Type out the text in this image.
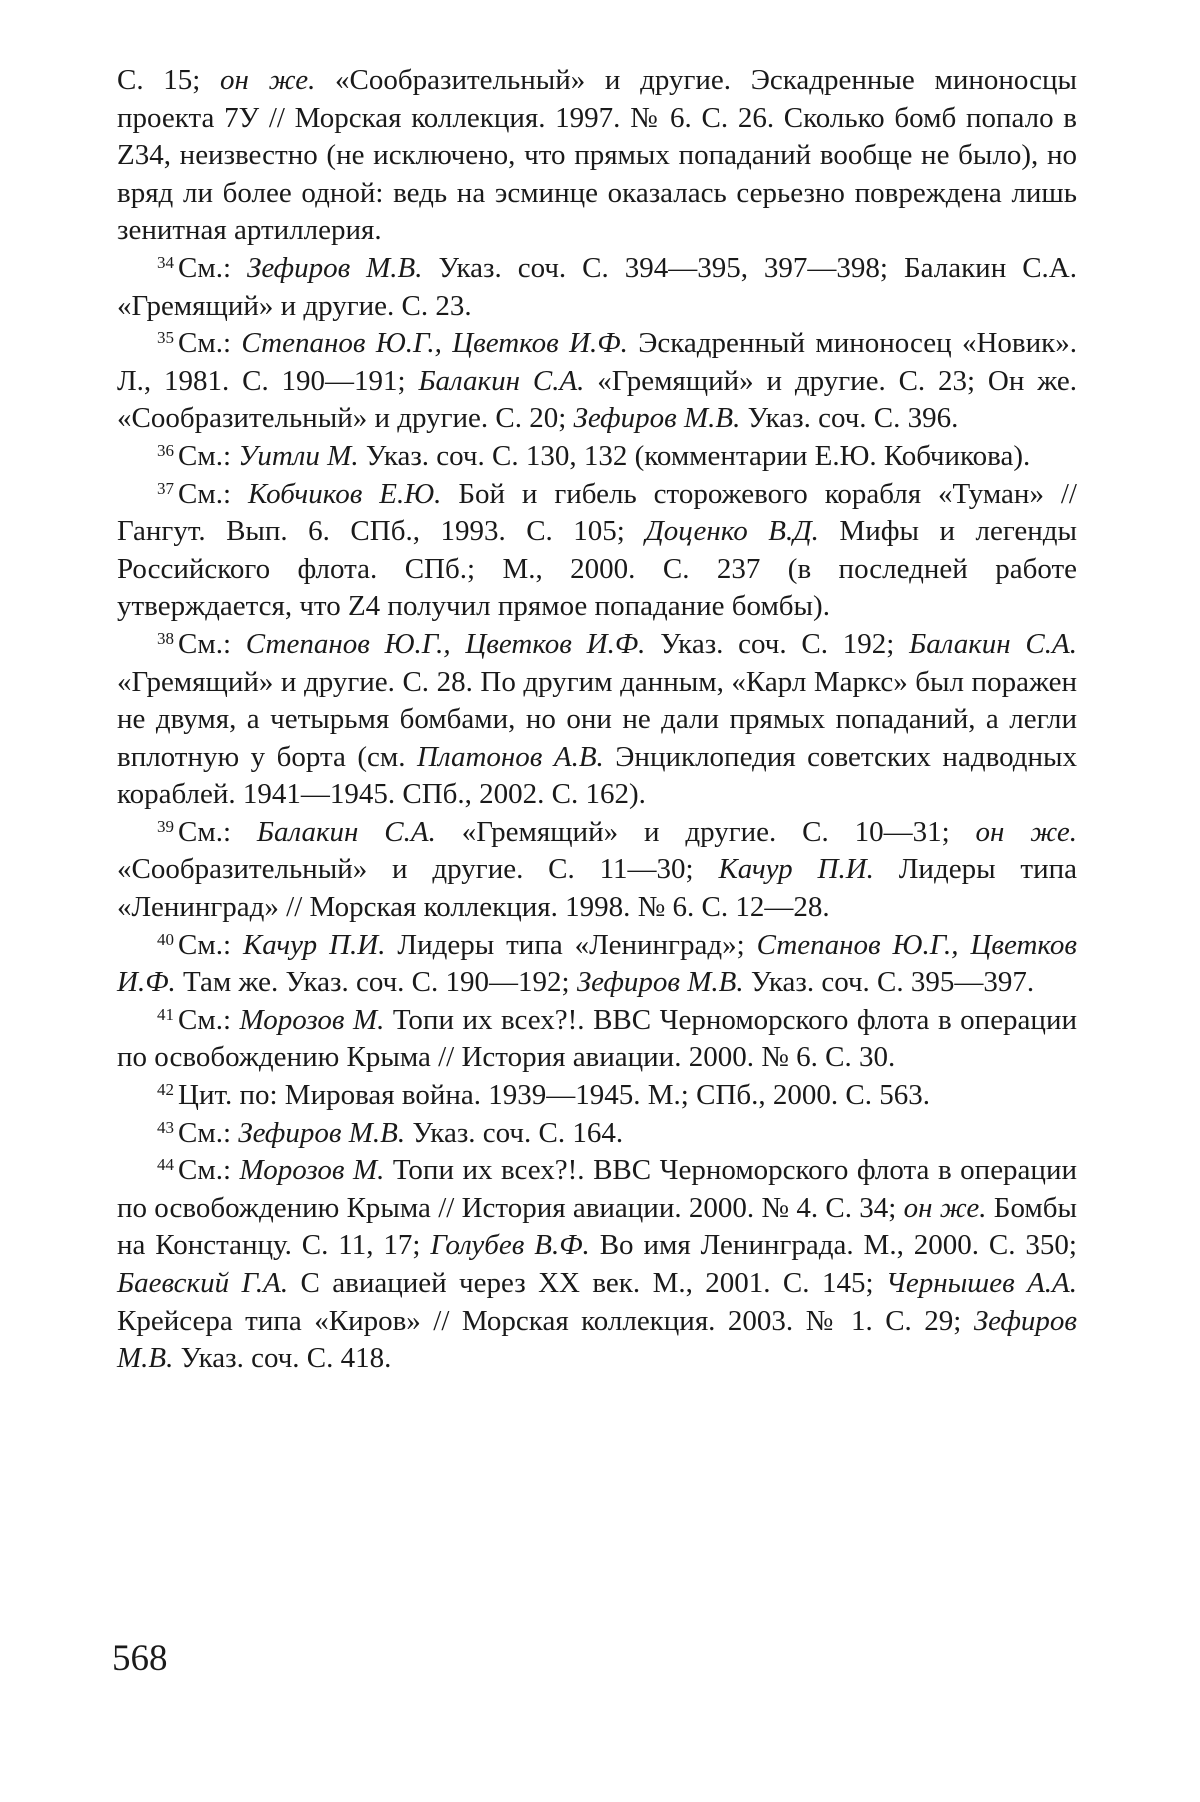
С. 15; он же. «Сообразительный» и другие. Эскадренные миноносцы проекта 7У // Морская коллекция. 1997. № 6. С. 26. Сколько бомб попало в Z34, неизвестно (не исключено, что прямых попаданий вообще не было), но вряд ли более одной: ведь на эсминце оказалась серьезно повреждена лишь зенитная артиллерия.

$^{34}$ См.: Зефиров М.В. Указ. соч. С. 394—395, 397—398; Балакин С.А. «Гремящий» и другие. С. 23.

$^{35}$ См.: Степанов Ю.Г., Цветков И.Ф. Эскадренный миноносец «Новик». Л., 1981. С. 190—191; Балакин С.А. «Гремящий» и другие. С. 23; Он же. «Сообразительный» и другие. С. 20; Зефиров М.В. Указ. соч. С. 396.

$^{36}$ См.: Уитли М. Указ. соч. С. 130, 132 (комментарии Е.Ю. Кобчикова).

$^{37}$ См.: Кобчиков Е.Ю. Бой и гибель сторожевого корабля «Туман» // Гангут. Вып. 6. СПб., 1993. С. 105; Доценко В.Д. Мифы и легенды Российского флота. СПб.; М., 2000. С. 237 (в последней работе утверждается, что Z4 получил прямое попадание бомбы).

$^{38}$ См.: Степанов Ю.Г., Цветков И.Ф. Указ. соч. С. 192; Балакин С.А. «Гремящий» и другие. С. 28. По другим данным, «Карл Маркс» был поражен не двумя, а четырьмя бомбами, но они не дали прямых попаданий, а легли вплотную у борта (см. Платонов А.В. Энциклопедия советских надводных кораблей. 1941—1945. СПб., 2002. С. 162).

$^{39}$ См.: Балакин С.А. «Гремящий» и другие. С. 10—31; он же. «Сообразительный» и другие. С. 11—30; Качур П.И. Лидеры типа «Ленинград» // Морская коллекция. 1998. № 6. С. 12—28.

$^{40}$ См.: Качур П.И. Лидеры типа «Ленинград»; Степанов Ю.Г., Цветков И.Ф. Там же. Указ. соч. С. 190—192; Зефиров М.В. Указ. соч. С. 395—397.

$^{41}$ См.: Морозов М. Топи их всех?!. ВВС Черноморского флота в операции по освобождению Крыма // История авиации. 2000. № 6. С. 30.

$^{42}$ Цит. по: Мировая война. 1939—1945. М.; СПб., 2000. С. 563.

$^{43}$ См.: Зефиров М.В. Указ. соч. С. 164.

$^{44}$ См.: Морозов М. Топи их всех?!. ВВС Черноморского флота в операции по освобождению Крыма // История авиации. 2000. № 4. С. 34; он же. Бомбы на Констанцу. С. 11, 17; Голубев В.Ф. Во имя Ленинграда. М., 2000. С. 350; Баевский Г.А. С авиацией через XX век. М., 2001. С. 145; Чернышев А.А. Крейсера типа «Киров» // Морская коллекция. 2003. № 1. С. 29; Зефиров М.В. Указ. соч. С. 418.

568
